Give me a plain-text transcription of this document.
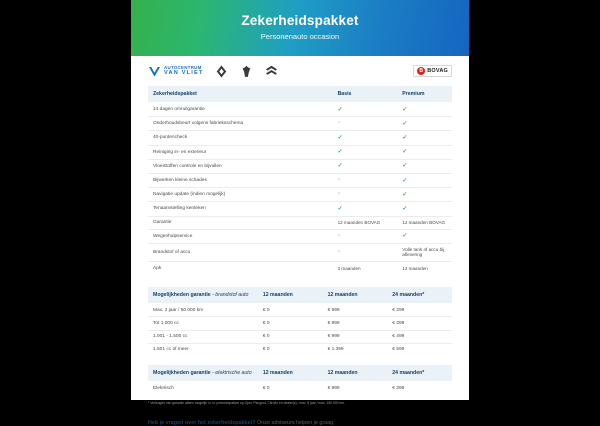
Zekerheidspakket
Personenauto occasion
AUTOCENTRUM
VAN VLIET	B BOVAG
Zekerheidspakket	Basis	Premium
14 dagen omruilgarantie	✓	✓
Onderhoudsbeurt volgens fabrieksschema	×	✓
40-puntencheck	✓	✓
Reiniging in- en exterieur	✓	✓
Vloeistoffen controle en bijvullen	✓	✓
Bijwerken kleine schades	×	✓
Navigatie update (indien mogelijk)	×	✓
Tenaamstelling kenteken	✓	✓
Garantie	12 maanden BOVAG	12 maanden BOVAG
Wegenhulpservice	×	✓
Brandstof of accu	×	Volle tank of accu bij aflevering
Apk	3 maanden	12 maanden
Mogelijkheden garantie - brandstof auto	12 maanden	12 maanden	24 maanden*
Max. 2 jaar / 50.000 km	€ 0	€ 699	€ 299
Tot 1.000 cc	€ 0	€ 899	€ 399
1.001 - 1.500 cc	€ 0	€ 999	€ 499
1.501 cc of meer	€ 0	€ 1.399	€ 599
Mogelijkheden garantie - elektrische auto	12 maanden	12 maanden	24 maanden*
Elektrisch	€ 0	€ 899	€ 399
* Verlengen van garantie alleen mogelijk i.c.m. premiumpakket op Opel, Peugeot, Citroën en dealer(s) / max. 8 jaar / max. 150.000 km.
Heb je vragen over het zekerheidspakket? Onze adviseurs helpen je graag.
